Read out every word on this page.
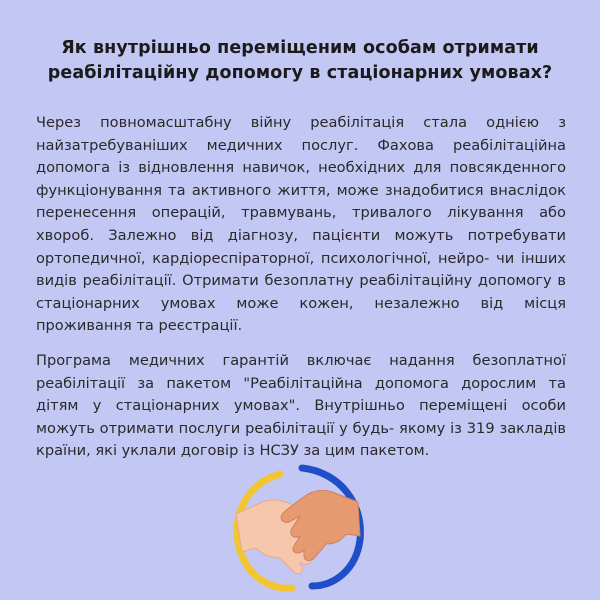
Як внутрішньо переміщеним особам отримати реабілітаційну допомогу в стаціонарних умовах?

Через повномасштабну війну реабілітація стала однією з найзатребуваніших медичних послуг. Фахова реабілітаційна допомога із відновлення навичок, необхідних для повсякденного функціонування та активного життя, може знадобитися внаслідок перенесення операцій, травмувань, тривалого лікування або хвороб. Залежно від діагнозу, пацієнти можуть потребувати ортопедичної, кардіореспіраторної, психологічної, нейро- чи інших видів реабілітації. Отримати безоплатну реабілітаційну допомогу в стаціонарних умовах може кожен, незалежно від місця проживання та реєстрації.

Програма медичних гарантій включає надання безоплатної реабілітації за пакетом "Реабілітаційна допомога дорослим та дітям у стаціонарних умовах". Внутрішньо переміщені особи можуть отримати послуги реабілітації у будь- якому із 319 закладів країни, які уклали договір із НСЗУ за цим пакетом.
